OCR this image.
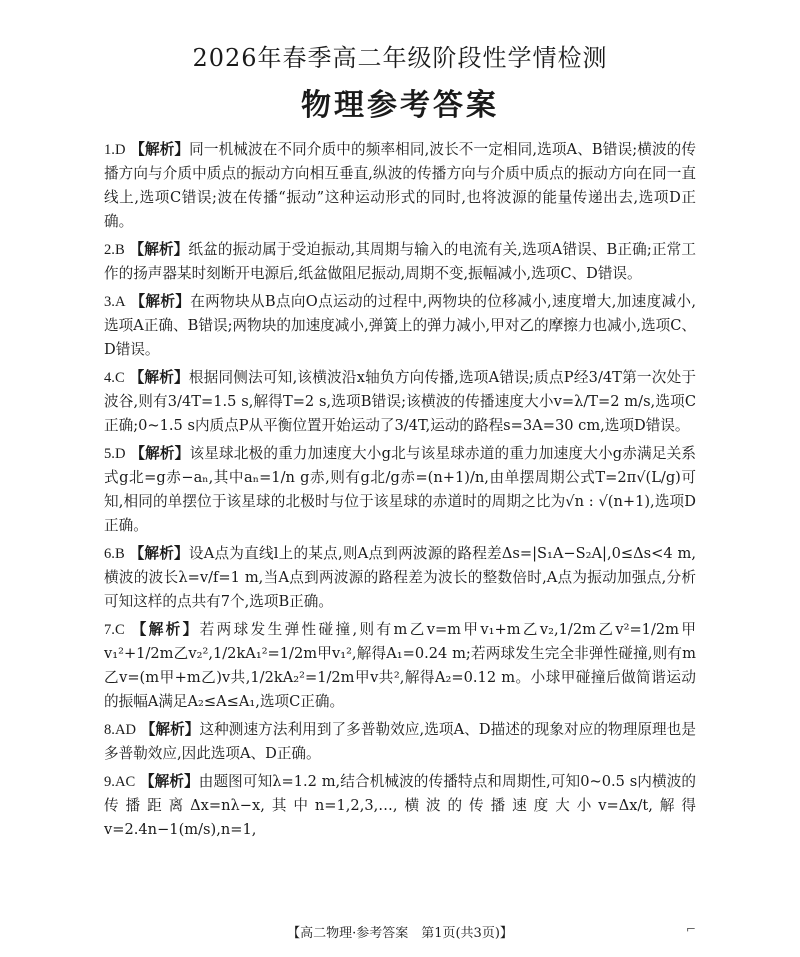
2026年春季高二年级阶段性学情检测
物理参考答案

1.D 【解析】同一机械波在不同介质中的频率相同,波长不一定相同,选项A、B错误;横波的传播方向与介质中质点的振动方向相互垂直,纵波的传播方向与介质中质点的振动方向在同一直线上,选项C错误;波在传播“振动”这种运动形式的同时,也将波源的能量传递出去,选项D正确。

2.B 【解析】纸盆的振动属于受迫振动,其周期与输入的电流有关,选项A错误、B正确;正常工作的扬声器某时刻断开电源后,纸盆做阻尼振动,周期不变,振幅减小,选项C、D错误。

3.A 【解析】在两物块从B点向O点运动的过程中,两物块的位移减小,速度增大,加速度减小,选项A正确、B错误;两物块的加速度减小,弹簧上的弹力减小,甲对乙的摩擦力也减小,选项C、D错误。

4.C 【解析】根据同侧法可知,该横波沿x轴负方向传播,选项A错误;质点P经3/4T第一次处于波谷,则有3/4T=1.5 s,解得T=2 s,选项B错误;该横波的传播速度大小v=λ/T=2 m/s,选项C正确;0~1.5 s内质点P从平衡位置开始运动了3/4T,运动的路程s=3A=30 cm,选项D错误。

5.D 【解析】该星球北极的重力加速度大小g北与该星球赤道的重力加速度大小g赤满足关系式g北=g赤−aₙ,其中aₙ=1/n g赤,则有g北/g赤=(n+1)/n,由单摆周期公式T=2π√(L/g)可知,相同的单摆位于该星球的北极时与位于该星球的赤道时的周期之比为√n : √(n+1),选项D正确。

6.B 【解析】设A点为直线l上的某点,则A点到两波源的路程差Δs=|S₁A−S₂A|,0≤Δs<4 m,横波的波长λ=v/f=1 m,当A点到两波源的路程差为波长的整数倍时,A点为振动加强点,分析可知这样的点共有7个,选项B正确。

7.C 【解析】若两球发生弹性碰撞,则有m乙v=m甲v₁+m乙v₂,1/2m乙v²=1/2m甲v₁²+1/2m乙v₂²,1/2kA₁²=1/2m甲v₁²,解得A₁=0.24 m;若两球发生完全非弹性碰撞,则有m乙v=(m甲+m乙)v共,1/2kA₂²=1/2m甲v共²,解得A₂=0.12 m。小球甲碰撞后做简谐运动的振幅A满足A₂≤A≤A₁,选项C正确。

8.AD 【解析】这种测速方法利用到了多普勒效应,选项A、D描述的现象对应的物理原理也是多普勒效应,因此选项A、D正确。

9.AC 【解析】由题图可知λ=1.2 m,结合机械波的传播特点和周期性,可知0~0.5 s内横波的传播距离Δx=nλ−x,其中n=1,2,3,…,横波的传播速度大小v=Δx/t,解得v=2.4n−1(m/s),n=1,

【高二物理·参考答案　第1页(共3页)】	⌐
